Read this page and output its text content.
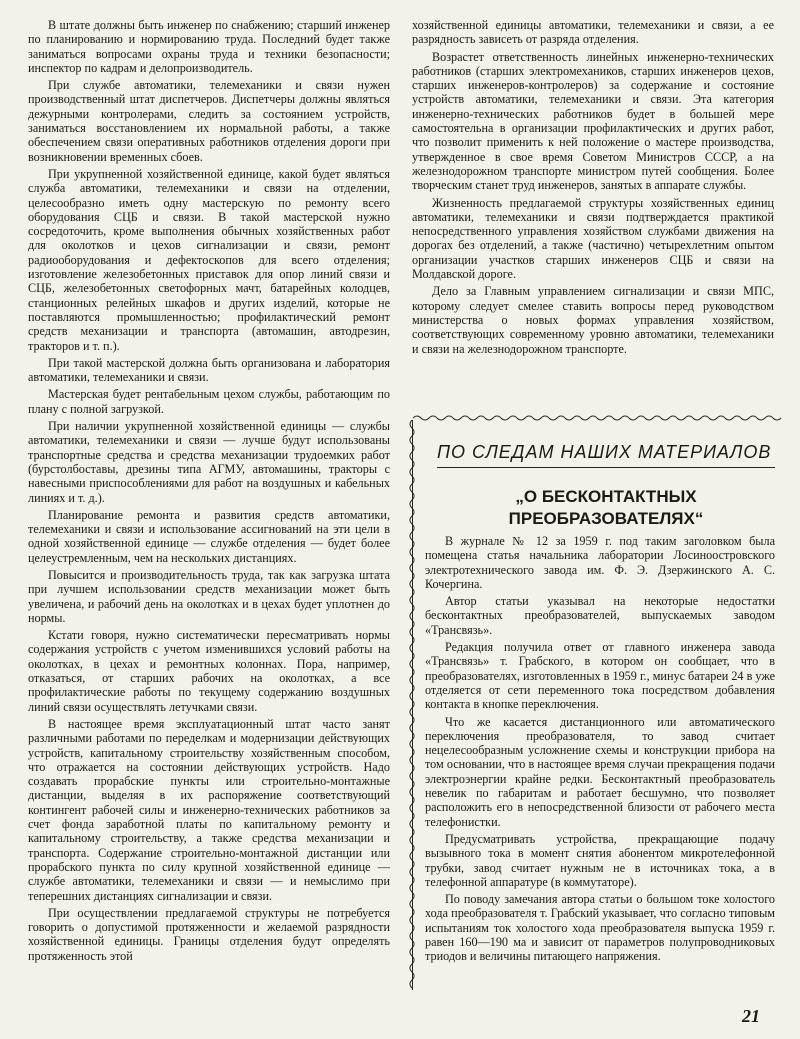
В штате должны быть инженер по снабжению; старший инженер по планированию и нормированию труда. Последний будет также заниматься вопросами охраны труда и техники безопасности; инспектор по кадрам и делопроизводитель.

При службе автоматики, телемеханики и связи нужен производственный штат диспетчеров. Диспетчеры должны являться дежурными контролерами, следить за состоянием устройств, заниматься восстановлением их нормальной работы, а также обеспечением связи оперативных работников отделения дороги при возникновении временных сбоев.

При укрупненной хозяйственной единице, какой будет являться служба автоматики, телемеханики и связи на отделении, целесообразно иметь одну мастерскую по ремонту всего оборудования СЦБ и связи. В такой мастерской нужно сосредоточить, кроме выполнения обычных хозяйственных работ для околотков и цехов сигнализации и связи, ремонт радиооборудования и дефектоскопов для всего отделения; изготовление железобетонных приставок для опор линий связи и СЦБ, железобетонных светофорных мачт, батарейных колодцев, станционных релейных шкафов и других изделий, которые не поставляются промышленностью; профилактический ремонт средств механизации и транспорта (автомашин, автодрезин, тракторов и т. п.).

При такой мастерской должна быть организована и лаборатория автоматики, телемеханики и связи.

Мастерская будет рентабельным цехом службы, работающим по плану с полной загрузкой.

При наличии укрупненной хозяйственной единицы — службы автоматики, телемеханики и связи — лучше будут использованы транспортные средства и средства механизации трудоемких работ (бурстолбоставы, дрезины типа АГМУ, автомашины, тракторы с навесными приспособлениями для работ на воздушных и кабельных линиях и т. д.).

Планирование ремонта и развития средств автоматики, телемеханики и связи и использование ассигнований на эти цели в одной хозяйственной единице — службе отделения — будет более целеустремленным, чем на нескольких дистанциях.

Повысится и производительность труда, так как загрузка штата при лучшем использовании средств механизации может быть увеличена, и рабочий день на околотках и в цехах будет уплотнен до нормы.

Кстати говоря, нужно систематически пересматривать нормы содержания устройств с учетом изменившихся условий работы на околотках, в цехах и ремонтных колоннах. Пора, например, отказаться, от старших рабочих на околотках, а все профилактические работы по текущему содержанию воздушных линий связи осуществлять летучками связи.

В настоящее время эксплуатационный штат часто занят различными работами по переделкам и модернизации действующих устройств, капитальному строительству хозяйственным способом, что отражается на состоянии действующих устройств. Надо создавать прорабские пункты или строительно-монтажные дистанции, выделяя в их распоряжение соответствующий контингент рабочей силы и инженерно-технических работников за счет фонда заработной платы по капитальному ремонту и капитальному строительству, а также средства механизации и транспорта. Содержание строительно-монтажной дистанции или прорабского пункта по силу крупной хозяйственной единице — службе автоматики, телемеханики и связи — и немыслимо при теперешних дистанциях сигнализации и связи.

При осуществлении предлагаемой структуры не потребуется говорить о допустимой протяженности и желаемой разрядности хозяйственной единицы. Границы отделения будут определять протяженность этой

хозяйственной единицы автоматики, телемеханики и связи, а ее разрядность зависеть от разряда отделения.

Возрастет ответственность линейных инженерно-технических работников (старших электромехаников, старших инженеров цехов, старших инженеров-контролеров) за содержание и состояние устройств автоматики, телемеханики и связи. Эта категория инженерно-технических работников будет в большей мере самостоятельна в организации профилактических и других работ, что позволит применить к ней положение о мастере производства, утвержденное в свое время Советом Министров СССР, а на железнодорожном транспорте министром путей сообщения. Более творческим станет труд инженеров, занятых в аппарате службы.

Жизненность предлагаемой структуры хозяйственных единиц автоматики, телемеханики и связи подтверждается практикой непосредственного управления хозяйством службами движения на дорогах без отделений, а также (частично) четырехлетним опытом организации участков старших инженеров СЦБ и связи на Молдавской дороге.

Дело за Главным управлением сигнализации и связи МПС, которому следует смелее ставить вопросы перед руководством министерства о новых формах управления хозяйством, соответствующих современному уровню автоматики, телемеханики и связи на железнодорожном транспорте.

ПО СЛЕДАМ НАШИХ МАТЕРИАЛОВ
„О БЕСКОНТАКТНЫХ ПРЕОБРАЗОВАТЕЛЯХ“

В журнале № 12 за 1959 г. под таким заголовком была помещена статья начальника лаборатории Лосиноостровского электротехнического завода им. Ф. Э. Дзержинского А. С. Кочергина.

Автор статьи указывал на некоторые недостатки бесконтактных преобразователей, выпускаемых заводом «Трансвязь».

Редакция получила ответ от главного инженера завода «Трансвязь» т. Грабского, в котором он сообщает, что в преобразователях, изготовленных в 1959 г., минус батареи 24 в уже отделяется от сети переменного тока посредством добавления контакта в кнопке переключения.

Что же касается дистанционного или автоматического переключения преобразователя, то завод считает нецелесообразным усложнение схемы и конструкции прибора на том основании, что в настоящее время случаи прекращения подачи электроэнергии крайне редки. Бесконтактный преобразователь невелик по габаритам и работает бесшумно, что позволяет расположить его в непосредственной близости от рабочего места телефонистки.

Предусматривать устройства, прекращающие подачу вызывного тока в момент снятия абонентом микротелефонной трубки, завод считает нужным не в источниках тока, а в телефонной аппаратуре (в коммутаторе).

По поводу замечания автора статьи о большом токе холостого хода преобразователя т. Грабский указывает, что согласно типовым испытаниям ток холостого хода преобразователя выпуска 1959 г. равен 160—190 ма и зависит от параметров полупроводниковых триодов и величины питающего напряжения.

21
